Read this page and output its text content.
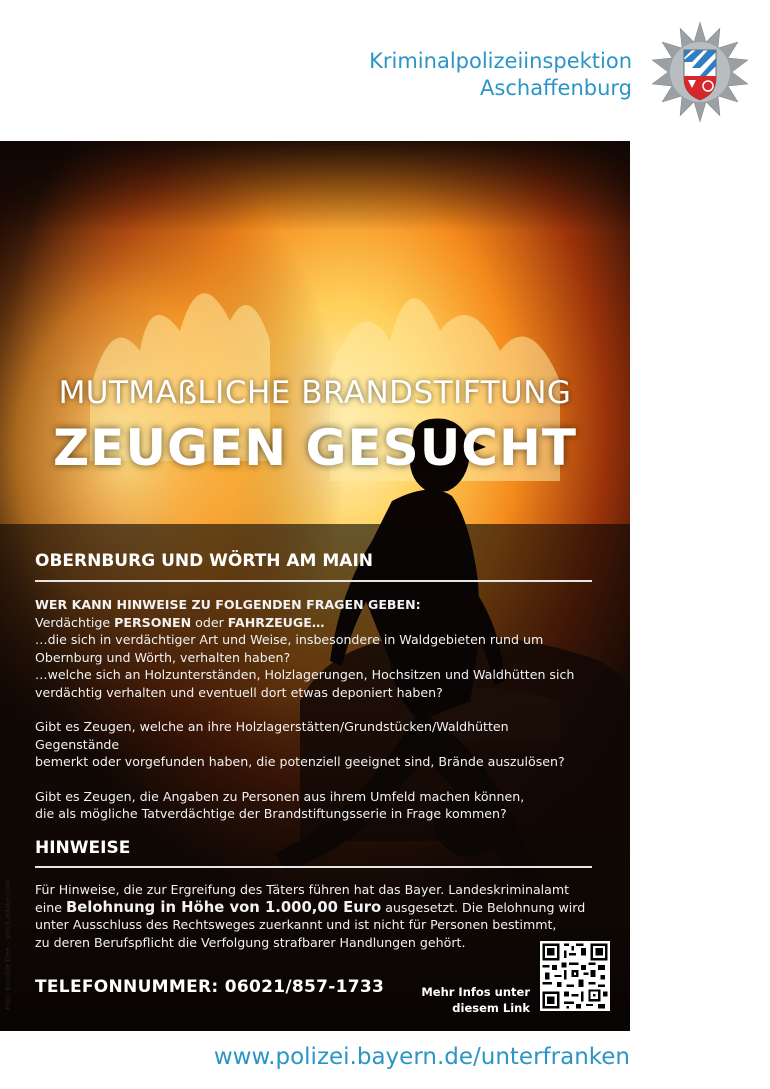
Kriminalpolizeiinspektion
Aschaffenburg
MUTMAßLICHE BRANDSTIFTUNG
ZEUGEN GESUCHT
OBERNBURG UND WÖRTH AM MAIN

WER KANN HINWEISE ZU FOLGENDEN FRAGEN GEBEN:

Verdächtige PERSONEN oder FAHRZEUGE…

…die sich in verdächtiger Art und Weise, insbesondere in Waldgebieten rund um

Obernburg und Wörth, verhalten haben?

…welche sich an Holzunterständen, Holzlagerungen, Hochsitzen und Waldhütten sich

verdächtig verhalten und eventuell dort etwas deponiert haben?

Gibt es Zeugen, welche an ihre Holzlagerstätten/Grundstücken/Waldhütten Gegenstände

bemerkt oder vorgefunden haben, die potenziell geeignet sind, Brände auszulösen?

Gibt es Zeugen, die Angaben zu Personen aus ihrem Umfeld machen können,

die als mögliche Tatverdächtige der Brandstiftungsserie in Frage kommen?

HINWEISE

Für Hinweise, die zur Ergreifung des Täters führen hat das Bayer. Landeskriminalamt

eine Belohnung in Höhe von 1.000,00 Euro ausgesetzt. Die Belohnung wird

unter Ausschluss des Rechtsweges zuerkannt und ist nicht für Personen bestimmt,

zu deren Berufspflicht die Verfolgung strafbarer Handlungen gehört.

TELEFONNUMMER: 06021/857-1733	Mehr Infos unter
diesem Link
Foto: Bumble Dee – stock.adobe.com
www.polizei.bayern.de/unterfranken
